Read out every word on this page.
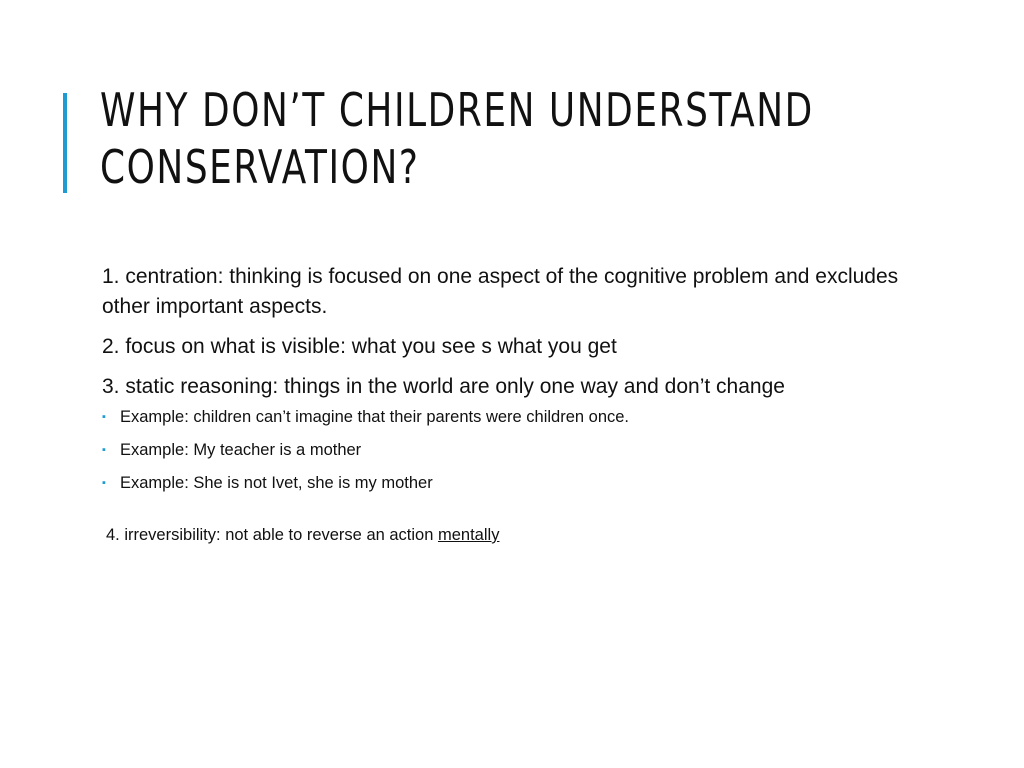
WHY DON’T CHILDREN UNDERSTAND
CONSERVATION?

1. centration: thinking is focused on one aspect of the cognitive problem and excludes other important aspects.

2. focus on what is visible: what you see s what you get

3. static reasoning: things in the world are only one way and don’t change

▪ Example: children can’t imagine that their parents were children once.
▪ Example: My teacher is a mother
▪ Example: She is not Ivet, she is my mother

4. irreversibility: not able to reverse an action mentally
